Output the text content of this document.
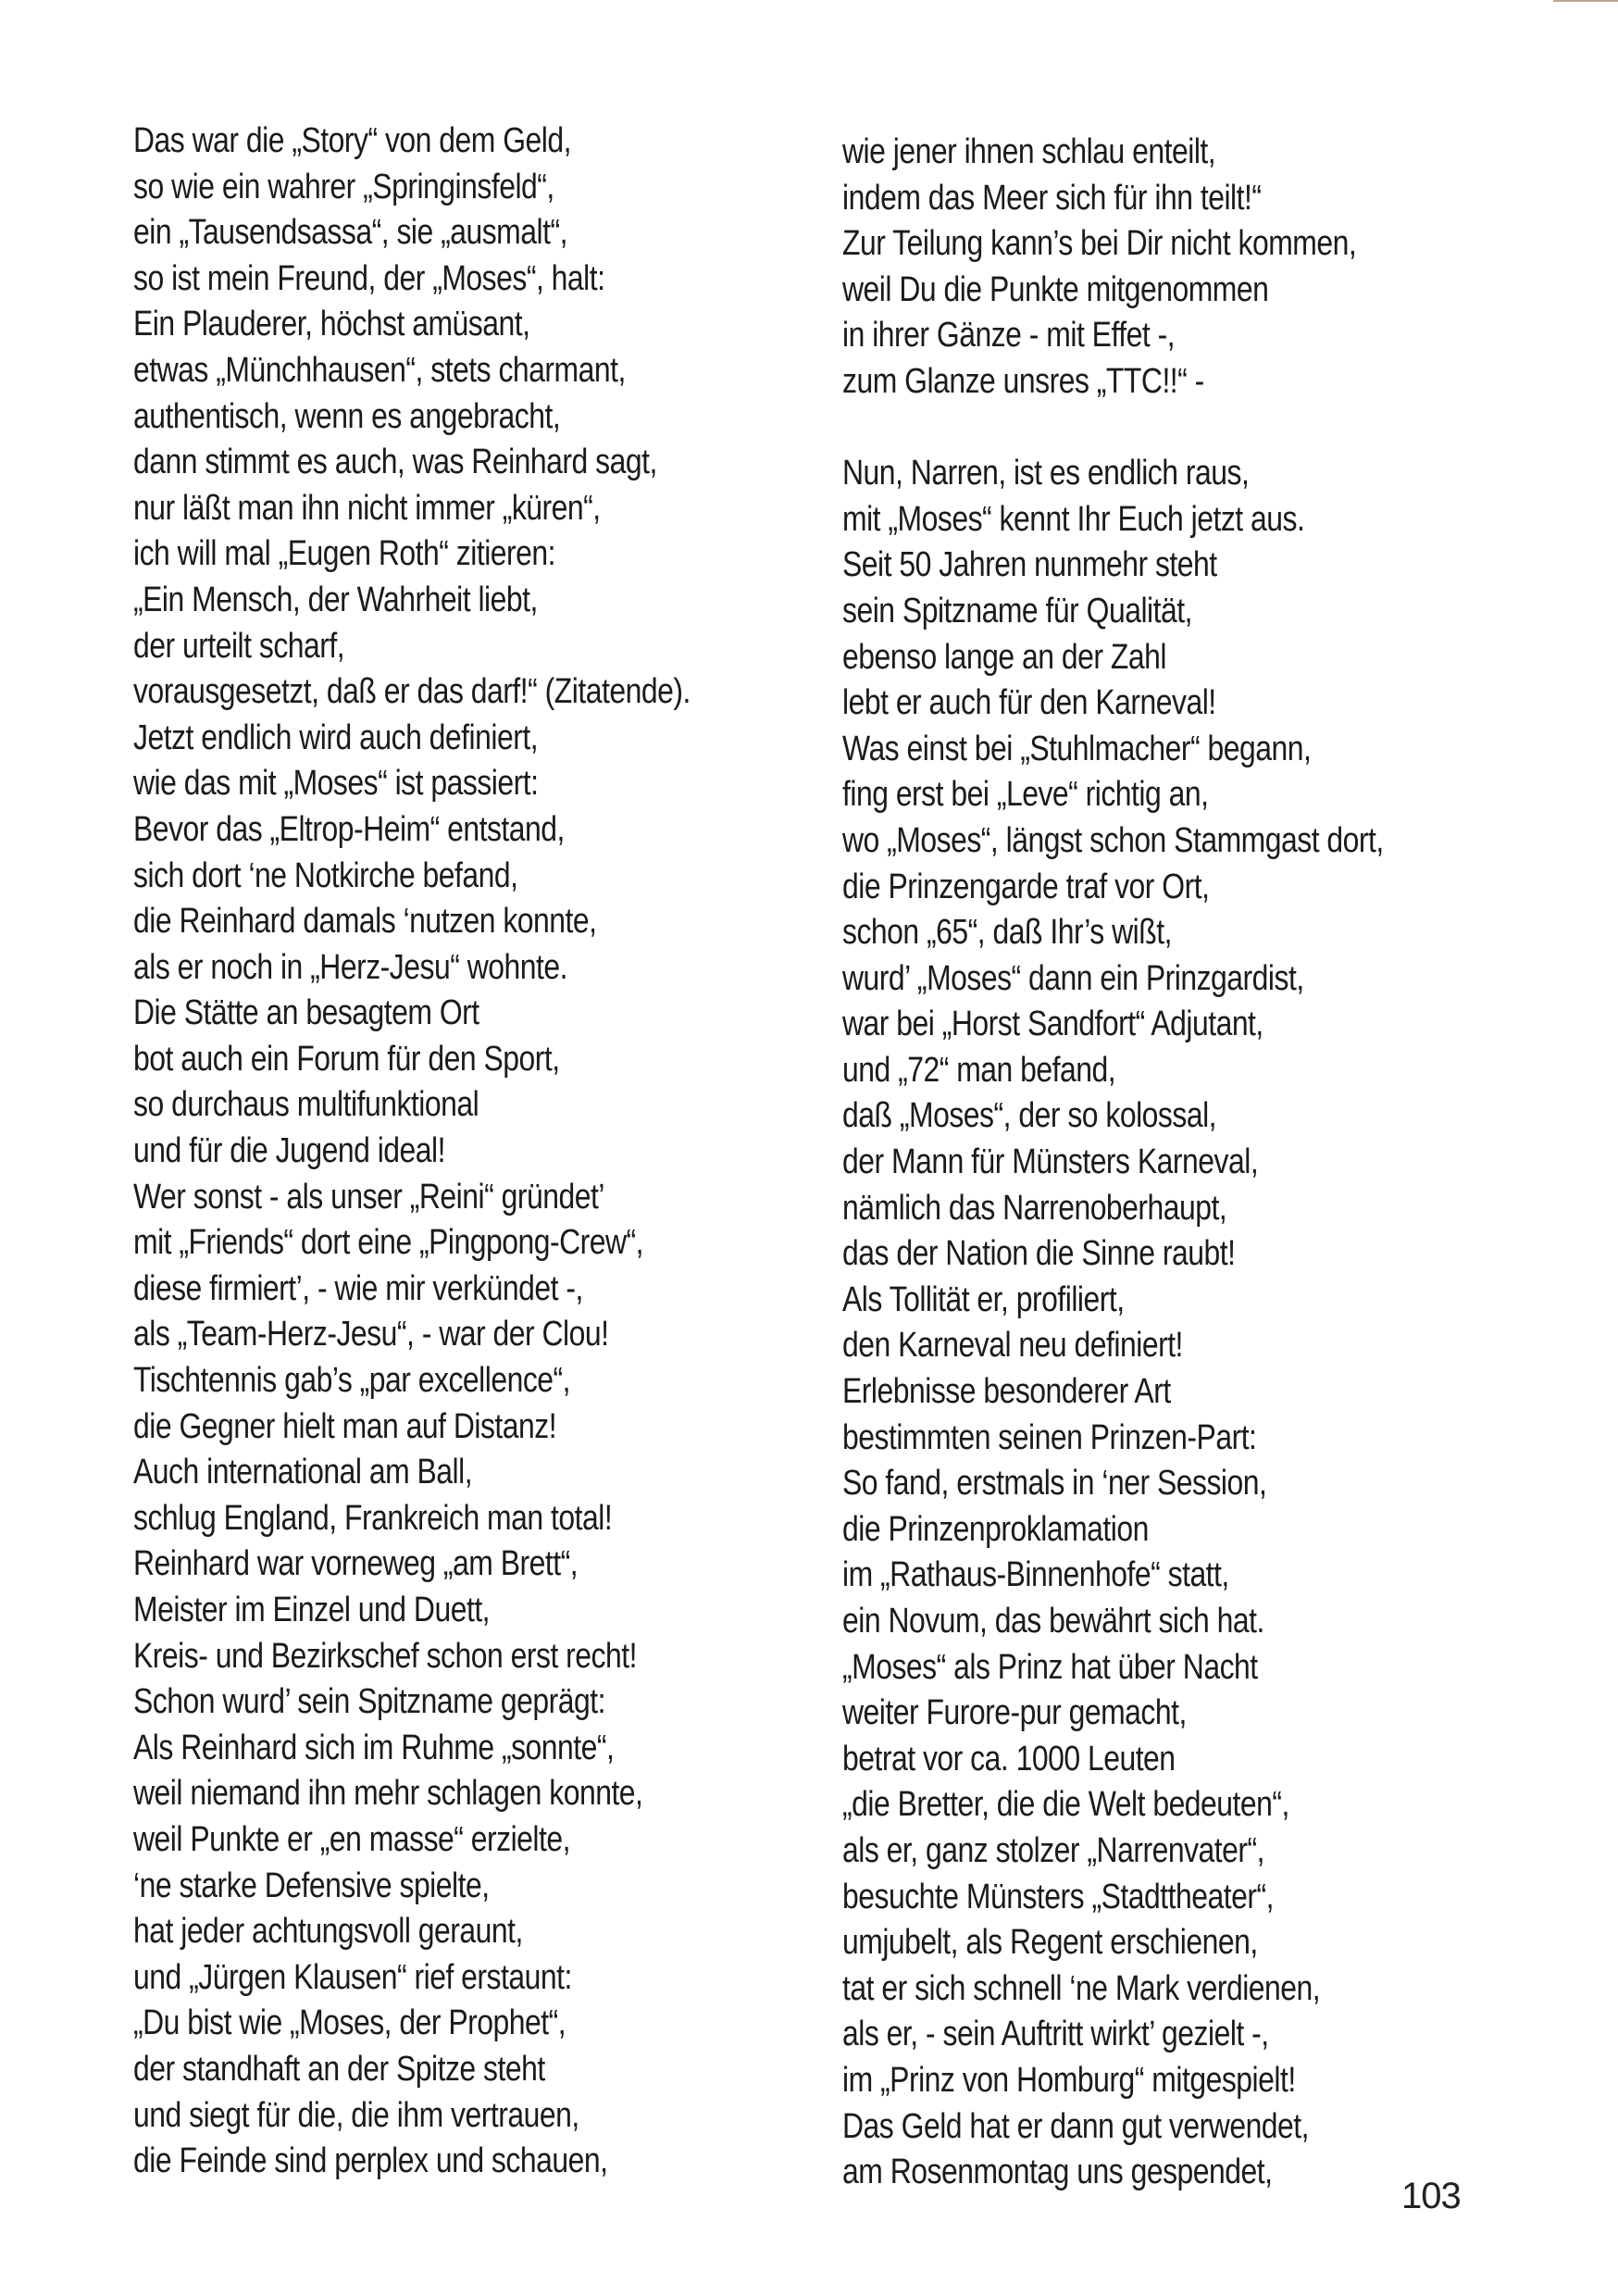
Das war die „Story“ von dem Geld,
so wie ein wahrer „Springinsfeld“,
ein „Tausendsassa“, sie „ausmalt“,
so ist mein Freund, der „Moses“, halt:
Ein Plauderer, höchst amüsant,
etwas „Münchhausen“, stets charmant,
authentisch, wenn es angebracht,
dann stimmt es auch, was Reinhard sagt,
nur läßt man ihn nicht immer „küren“,
ich will mal „Eugen Roth“ zitieren:
„Ein Mensch, der Wahrheit liebt,
der urteilt scharf,
vorausgesetzt, daß er das darf!“ (Zitatende).
Jetzt endlich wird auch definiert,
wie das mit „Moses“ ist passiert:
Bevor das „Eltrop-Heim“ entstand,
sich dort ‘ne Notkirche befand,
die Reinhard damals ‘nutzen konnte,
als er noch in „Herz-Jesu“ wohnte.
Die Stätte an besagtem Ort
bot auch ein Forum für den Sport,
so durchaus multifunktional
und für die Jugend ideal!
Wer sonst - als unser „Reini“ gründet’
mit „Friends“ dort eine „Pingpong-Crew“,
diese firmiert’, - wie mir verkündet -,
als „Team-Herz-Jesu“, - war der Clou!
Tischtennis gab’s „par excellence“,
die Gegner hielt man auf Distanz!
Auch international am Ball,
schlug England, Frankreich man total!
Reinhard war vorneweg „am Brett“,
Meister im Einzel und Duett,
Kreis- und Bezirkschef schon erst recht!
Schon wurd’ sein Spitzname geprägt:
Als Reinhard sich im Ruhme „sonnte“,
weil niemand ihn mehr schlagen konnte,
weil Punkte er „en masse“ erzielte,
‘ne starke Defensive spielte,
hat jeder achtungsvoll geraunt,
und „Jürgen Klausen“ rief erstaunt:
„Du bist wie „Moses, der Prophet“,
der standhaft an der Spitze steht
und siegt für die, die ihm vertrauen,
die Feinde sind perplex und schauen,
wie jener ihnen schlau enteilt,
indem das Meer sich für ihn teilt!“
Zur Teilung kann’s bei Dir nicht kommen,
weil Du die Punkte mitgenommen
in ihrer Gänze - mit Effet -,
zum Glanze unsres „TTC!!“ -
Nun, Narren, ist es endlich raus,
mit „Moses“ kennt Ihr Euch jetzt aus.
Seit 50 Jahren nunmehr steht
sein Spitzname für Qualität,
ebenso lange an der Zahl
lebt er auch für den Karneval!
Was einst bei „Stuhlmacher“ begann,
fing erst bei „Leve“ richtig an,
wo „Moses“, längst schon Stammgast dort,
die Prinzengarde traf vor Ort,
schon „65“, daß Ihr’s wißt,
wurd’ „Moses“ dann ein Prinzgardist,
war bei „Horst Sandfort“ Adjutant,
und „72“ man befand,
daß „Moses“, der so kolossal,
der Mann für Münsters Karneval,
nämlich das Narrenoberhaupt,
das der Nation die Sinne raubt!
Als Tollität er, profiliert,
den Karneval neu definiert!
Erlebnisse besonderer Art
bestimmten seinen Prinzen-Part:
So fand, erstmals in ‘ner Session,
die Prinzenproklamation
im „Rathaus-Binnenhofe“ statt,
ein Novum, das bewährt sich hat.
„Moses“ als Prinz hat über Nacht
weiter Furore-pur gemacht,
betrat vor ca. 1000 Leuten
„die Bretter, die die Welt bedeuten“,
als er, ganz stolzer „Narrenvater“,
besuchte Münsters „Stadttheater“,
umjubelt, als Regent erschienen,
tat er sich schnell ‘ne Mark verdienen,
als er, - sein Auftritt wirkt’ gezielt -,
im „Prinz von Homburg“ mitgespielt!
Das Geld hat er dann gut verwendet,
am Rosenmontag uns gespendet,
103
